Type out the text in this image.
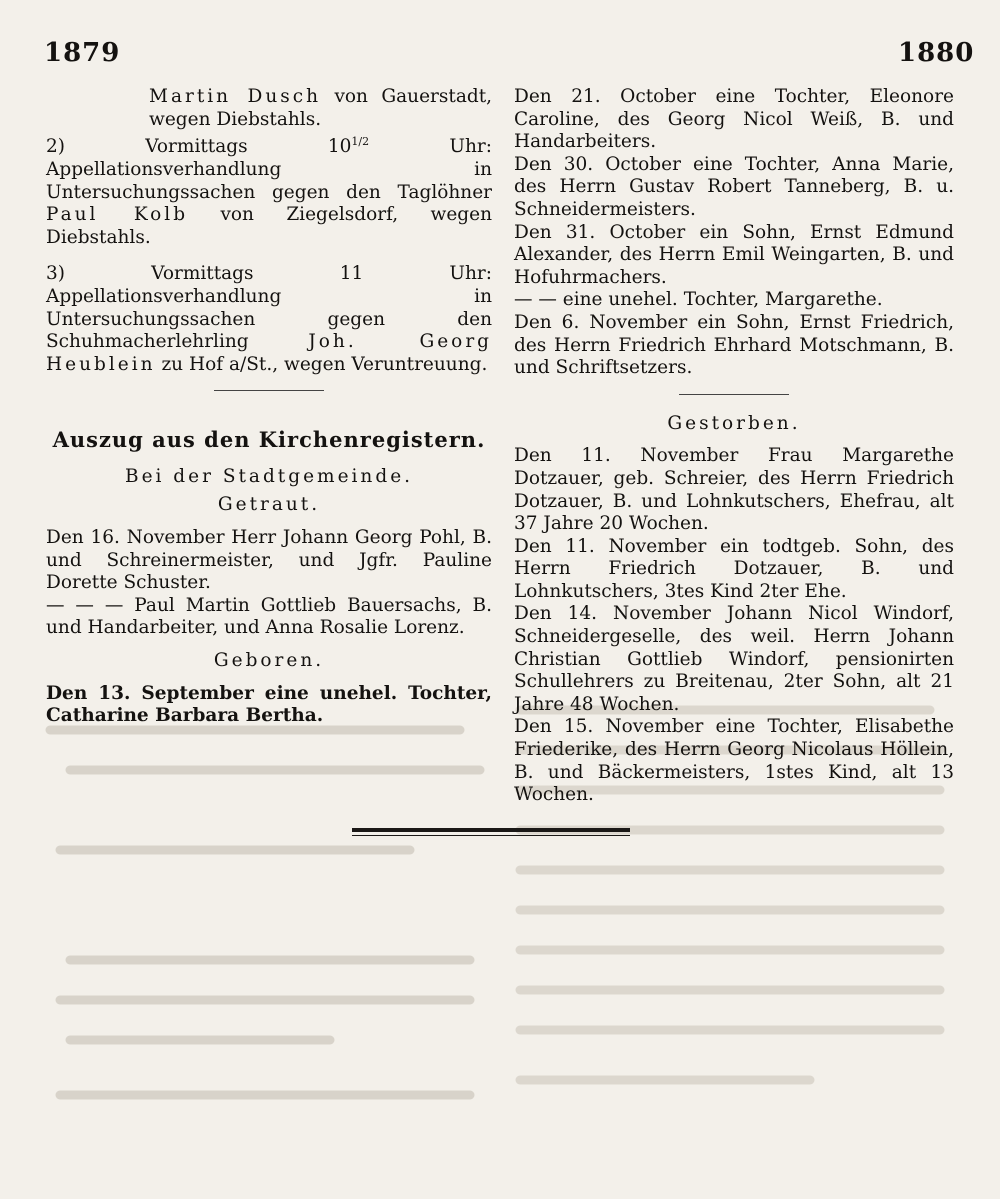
1879	1880

Martin Dusch von Gauerstadt, wegen Diebstahls.

2) Vormittags $10^{1/2}$	Uhr: Appellationsverhandlung in Untersuchungssachen gegen den Taglöhner Paul Kolb von Ziegelsdorf, wegen Diebstahls.

3) Vormittags 11 Uhr: Appellationsverhandlung in Untersuchungssachen gegen den Schuhmacherlehrling	Joh. Georg Heublein zu Hof a/St., wegen Veruntreuung.

Auszug aus den Kirchenregistern.

Bei der Stadtgemeinde.

Getraut.

Den 16. November Herr Johann Georg Pohl, B. und Schreinermeister, und Jgfr. Pauline Dorette Schuster.

— — — Paul Martin Gottlieb Bauersachs, B. und Handarbeiter, und Anna Rosalie Lorenz.

Geboren.

Den 13. September eine unehel. Tochter, Catharine Barbara Bertha.

Den 21. October eine Tochter, Eleonore Caroline, des Georg Nicol Weiß, B. und Handarbeiters.

Den 30. October eine Tochter, Anna Marie, des Herrn Gustav Robert Tanneberg, B. u. Schneidermeisters.

Den 31. October ein Sohn, Ernst Edmund Alexander, des Herrn Emil Weingarten, B. und Hofuhrmachers.

— — eine unehel. Tochter, Margarethe.

Den 6. November ein Sohn, Ernst Friedrich, des Herrn Friedrich Ehrhard Motschmann, B. und Schriftsetzers.

Gestorben.

Den 11. November Frau Margarethe Dotzauer, geb. Schreier, des Herrn Friedrich Dotzauer, B. und Lohnkutschers, Ehefrau, alt 37 Jahre 20 Wochen.

Den 11. November ein todtgeb. Sohn, des Herrn Friedrich Dotzauer, B. und Lohnkutschers, 3tes Kind 2ter Ehe.

Den 14. November Johann Nicol Windorf, Schneidergeselle, des weil. Herrn Johann Christian Gottlieb Windorf, pensionirten Schullehrers zu Breitenau, 2ter Sohn, alt 21 Jahre 48 Wochen.

Den 15. November eine Tochter, Elisabethe Friederike, des Herrn Georg Nicolaus Höllein, B. und Bäckermeisters, 1stes Kind, alt 13 Wochen.
